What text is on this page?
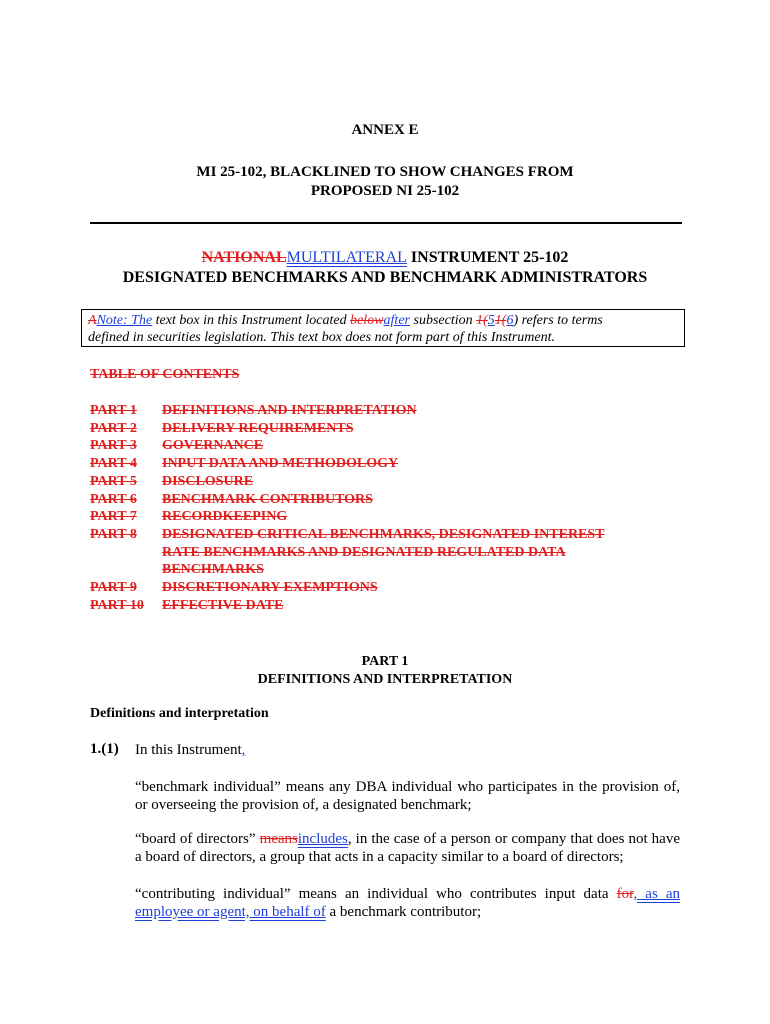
ANNEX E
MI 25-102, BLACKLINED TO SHOW CHANGES FROM
PROPOSED NI 25-102
NATIONALMULTILATERAL INSTRUMENT 25-102
DESIGNATED BENCHMARKS AND BENCHMARK ADMINISTRATORS
ANote: The text box in this Instrument located belowafter subsection 1(51(6) refers to terms
defined in securities legislation. This text box does not form part of this Instrument.
TABLE OF CONTENTS
PART 1	DEFINITIONS AND INTERPRETATION
PART 2	DELIVERY REQUIREMENTS
PART 3	GOVERNANCE
PART 4	INPUT DATA AND METHODOLOGY
PART 5	DISCLOSURE
PART 6	BENCHMARK CONTRIBUTORS
PART 7	RECORDKEEPING
PART 8	DESIGNATED CRITICAL BENCHMARKS, DESIGNATED INTEREST
RATE BENCHMARKS AND DESIGNATED REGULATED DATA
BENCHMARKS
PART 9	DISCRETIONARY EXEMPTIONS
PART 10	EFFECTIVE DATE
PART 1
DEFINITIONS AND INTERPRETATION
Definitions and interpretation
1.(1) In this Instrument,
“benchmark individual” means any DBA individual who participates in the provision of, or overseeing the provision of, a designated benchmark;
“board of directors” meansincludes, in the case of a person or company that does not have a board of directors, a group that acts in a capacity similar to a board of directors;
“contributing individual” means an individual who contributes input data for, as an employee or agent, on behalf of a benchmark contributor;
